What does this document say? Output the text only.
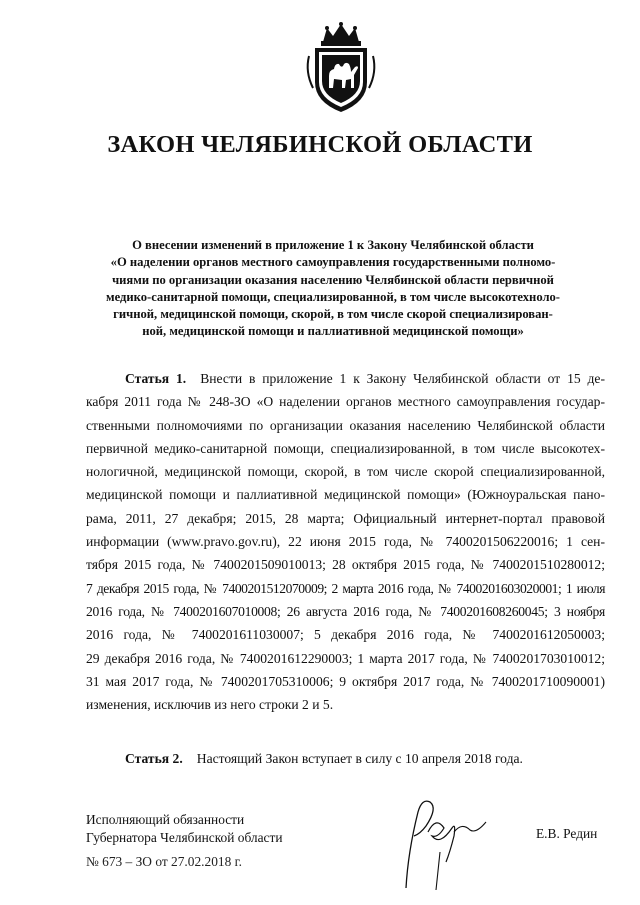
ЗАКОН ЧЕЛЯБИНСКОЙ ОБЛАСТИ
О внесении изменений в приложение 1 к Закону Челябинской области
«О наделении органов местного самоуправления государственными полномо-
чиями по организации оказания населению Челябинской области первичной
медико-санитарной помощи, специализированной, в том числе высокотехноло-
гичной, медицинской помощи, скорой, в том числе скорой специализирован-
ной, медицинской помощи и паллиативной медицинской помощи»
Статья 1. Внести в приложение 1 к Закону Челябинской области от 15 де-
кабря 2011 года № 248-ЗО «О наделении органов местного самоуправления государ-
ственными полномочиями по организации оказания населению Челябинской области
первичной медико-санитарной помощи, специализированной, в том числе высокотех-
нологичной, медицинской помощи, скорой, в том числе скорой специализированной,
медицинской помощи и паллиативной медицинской помощи» (Южноуральская пано-
рама, 2011, 27 декабря; 2015, 28 марта; Официальный интернет-портал правовой
информации (www.pravo.gov.ru), 22 июня 2015 года, № 7400201506220016; 1 сен-
тября 2015 года, № 7400201509010013; 28 октября 2015 года, № 7400201510280012;
7 декабря 2015 года, № 7400201512070009; 2 марта 2016 года, № 7400201603020001; 1 июля
2016 года, № 7400201607010008; 26 августа 2016 года, № 7400201608260045; 3 ноября
2016 года, № 7400201611030007; 5 декабря 2016 года, № 7400201612050003;
29 декабря 2016 года, № 7400201612290003; 1 марта 2017 года, № 7400201703010012;
31 мая 2017 года, № 7400201705310006; 9 октября 2017 года, № 7400201710090001)
изменения, исключив из него строки 2 и 5.
Статья 2. Настоящий Закон вступает в силу с 10 апреля 2018 года.
Исполняющий обязанности
Губернатора Челябинской области	Е.В. Редин
№ 673 – ЗО от 27.02.2018 г.
